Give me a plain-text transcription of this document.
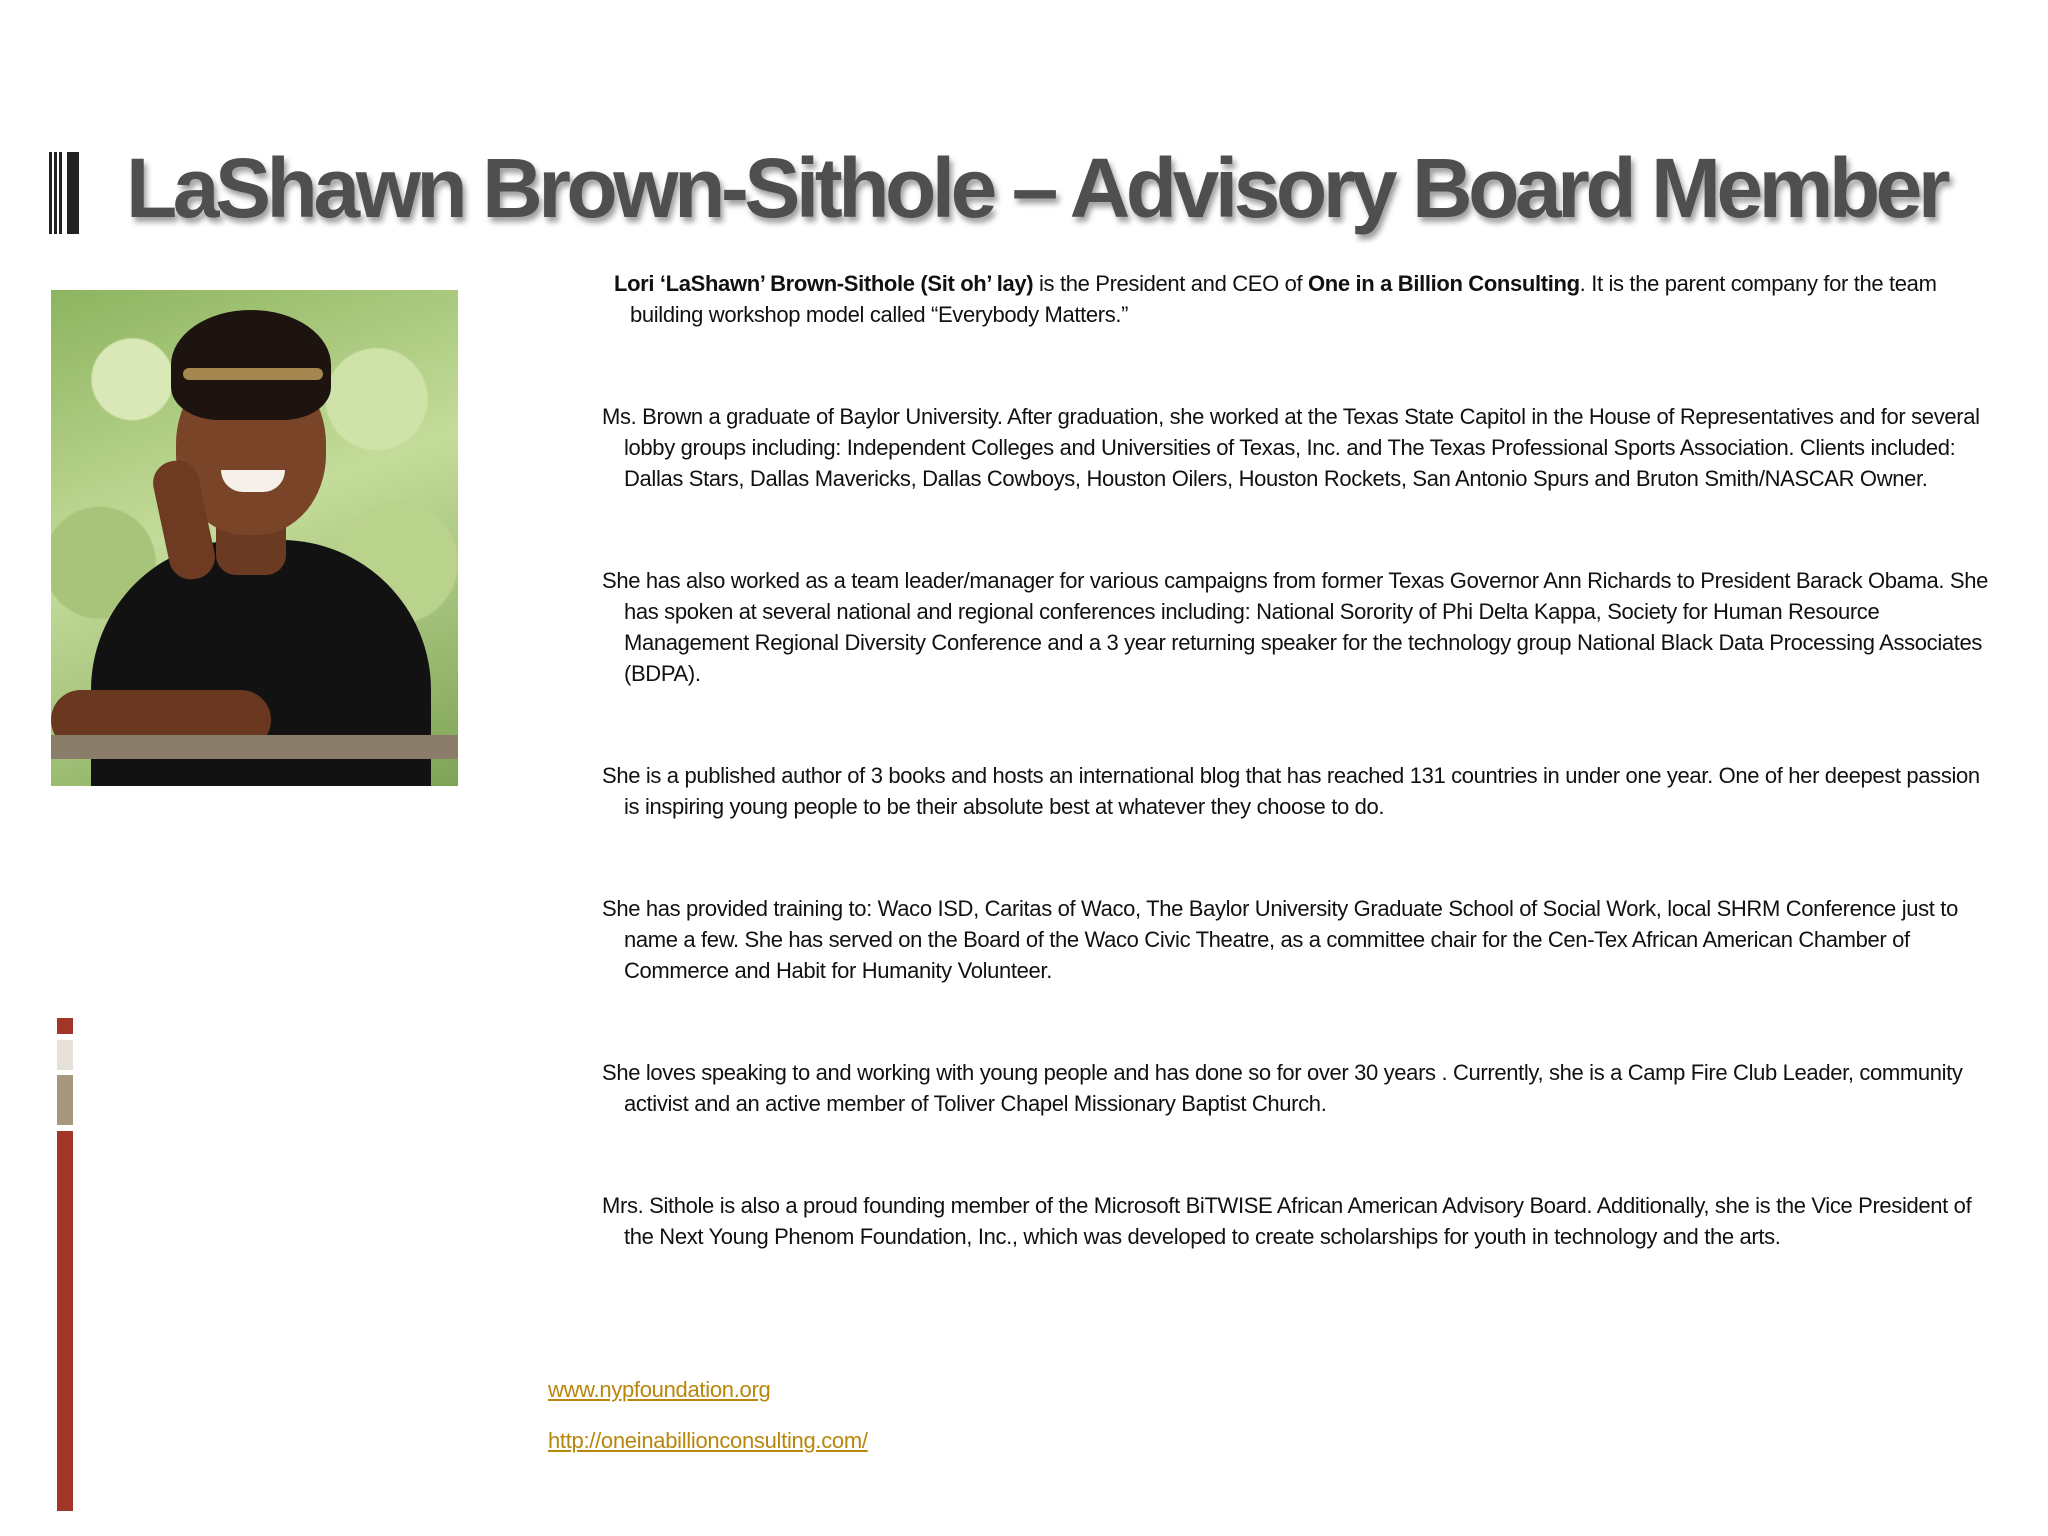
LaShawn Brown-Sithole – Advisory Board Member

Lori ‘LaShawn’ Brown-Sithole (Sit oh’ lay) is the President and CEO of One in a Billion Consulting. It is the parent company for the team building workshop model called “Everybody Matters.”

Ms. Brown a graduate of Baylor University. After graduation, she worked at the Texas State Capitol in the House of Representatives and for several lobby groups including: Independent Colleges and Universities of Texas, Inc. and The Texas Professional Sports Association. Clients included: Dallas Stars, Dallas Mavericks, Dallas Cowboys, Houston Oilers, Houston Rockets, San Antonio Spurs and Bruton Smith/NASCAR Owner.

She has also worked as a team leader/manager for various campaigns from former Texas Governor Ann Richards to President Barack Obama. She has spoken at several national and regional conferences including: National Sorority of Phi Delta Kappa, Society for Human Resource Management Regional Diversity Conference and a 3 year returning speaker for the technology group National Black Data Processing Associates (BDPA).

She is a published author of 3 books and hosts an international blog that has reached 131 countries in under one year. One of her deepest passion is inspiring young people to be their absolute best at whatever they choose to do.

She has provided training to: Waco ISD, Caritas of Waco, The Baylor University Graduate School of Social Work, local SHRM Conference just to name a few. She has served on the Board of the Waco Civic Theatre, as a committee chair for the Cen-Tex African American Chamber of Commerce and Habit for Humanity Volunteer.

She loves speaking to and working with young people and has done so for over 30 years . Currently, she is a Camp Fire Club Leader, community activist and an active member of Toliver Chapel Missionary Baptist Church.

Mrs. Sithole is also a proud founding member of the Microsoft BiTWISE African American Advisory Board. Additionally, she is the Vice President of the Next Young Phenom Foundation, Inc., which was developed to create scholarships for youth in technology and the arts.

www.nypfoundation.org
http://oneinabillionconsulting.com/
